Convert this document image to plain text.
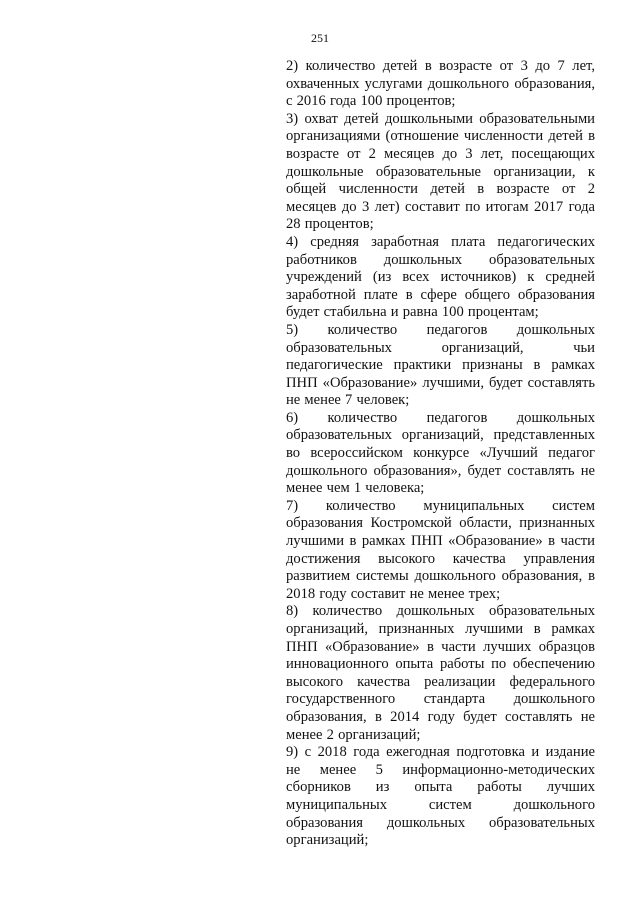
251

2) количество детей в возрасте от 3 до 7 лет, охваченных услугами дошкольного образования, с 2016 года 100 процентов;

3) охват детей дошкольными образовательными организациями (отношение численности детей в возрасте от 2 месяцев до 3 лет, посещающих дошкольные образовательные организации, к общей численности детей в возрасте от 2 месяцев до 3 лет) составит по итогам 2017 года 28 процентов;

4) средняя заработная плата педагогических работников дошкольных образовательных учреждений (из всех источников) к средней заработной плате в сфере общего образования будет стабильна и равна 100 процентам;

5) количество педагогов дошкольных образовательных организаций, чьи педагогические практики признаны в рамках ПНП «Образование» лучшими, будет составлять не менее 7 человек;

6) количество педагогов дошкольных образовательных организаций, представленных во всероссийском конкурсе «Лучший педагог дошкольного образования», будет составлять не менее чем 1 человека;

7) количество муниципальных систем образования Костромской области, признанных лучшими в рамках ПНП «Образование» в части достижения высокого качества управления развитием системы дошкольного образования, в 2018 году составит не менее трех;

8) количество дошкольных образовательных организаций, признанных лучшими в рамках ПНП «Образование» в части лучших образцов инновационного опыта работы по обеспечению высокого качества реализации федерального государственного стандарта дошкольного образования, в 2014 году будет составлять не менее 2 организаций;

9) с 2018 года ежегодная подготовка и издание не менее 5 информационно-методических сборников из опыта работы лучших муниципальных систем дошкольного образования дошкольных образовательных организаций;
